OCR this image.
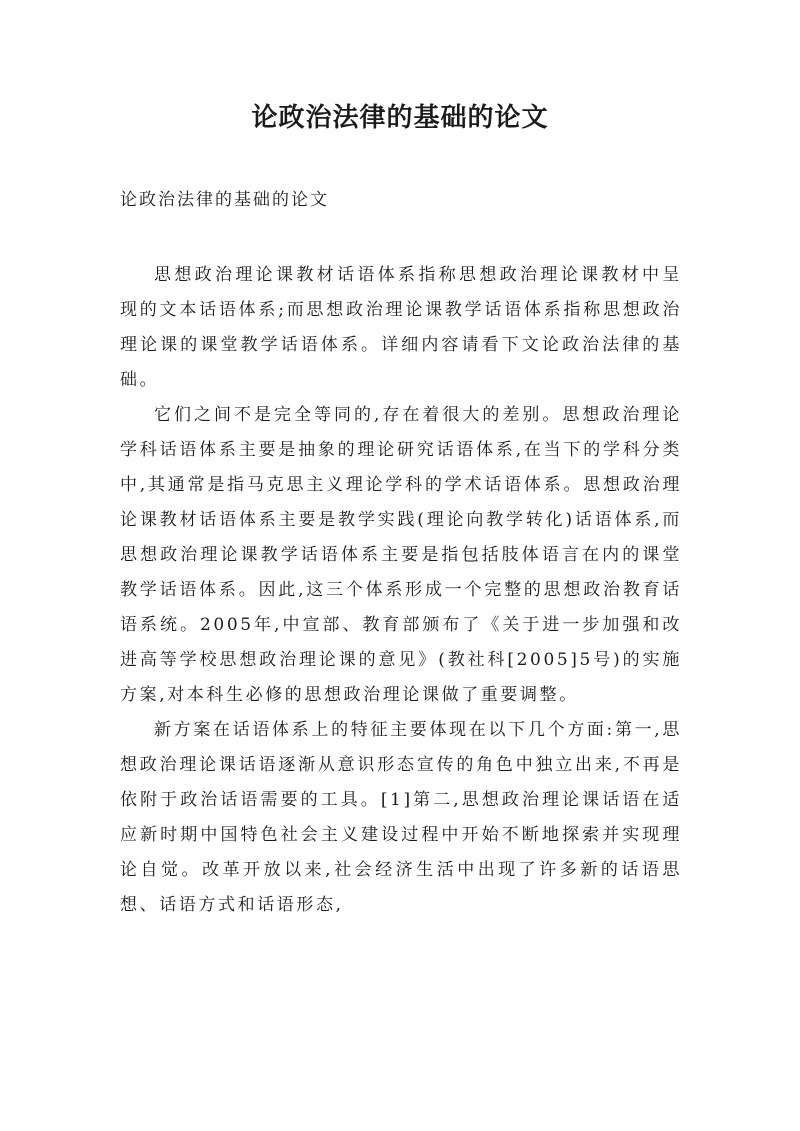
论政治法律的基础的论文

论政治法律的基础的论文

思想政治理论课教材话语体系指称思想政治理论课教材中呈现的文本话语体系;而思想政治理论课教学话语体系指称思想政治理论课的课堂教学话语体系。详细内容请看下文论政治法律的基础。

它们之间不是完全等同的,存在着很大的差别。思想政治理论学科话语体系主要是抽象的理论研究话语体系,在当下的学科分类中,其通常是指马克思主义理论学科的学术话语体系。思想政治理论课教材话语体系主要是教学实践(理论向教学转化)话语体系,而思想政治理论课教学话语体系主要是指包括肢体语言在内的课堂教学话语体系。因此,这三个体系形成一个完整的思想政治教育话语系统。2005年,中宣部、教育部颁布了《关于进一步加强和改进高等学校思想政治理论课的意见》(教社科[2005]5号)的实施方案,对本科生必修的思想政治理论课做了重要调整。

新方案在话语体系上的特征主要体现在以下几个方面:第一,思想政治理论课话语逐渐从意识形态宣传的角色中独立出来,不再是依附于政治话语需要的工具。[1]第二,思想政治理论课话语在适应新时期中国特色社会主义建设过程中开始不断地探索并实现理论自觉。改革开放以来,社会经济生活中出现了许多新的话语思想、话语方式和话语形态,
